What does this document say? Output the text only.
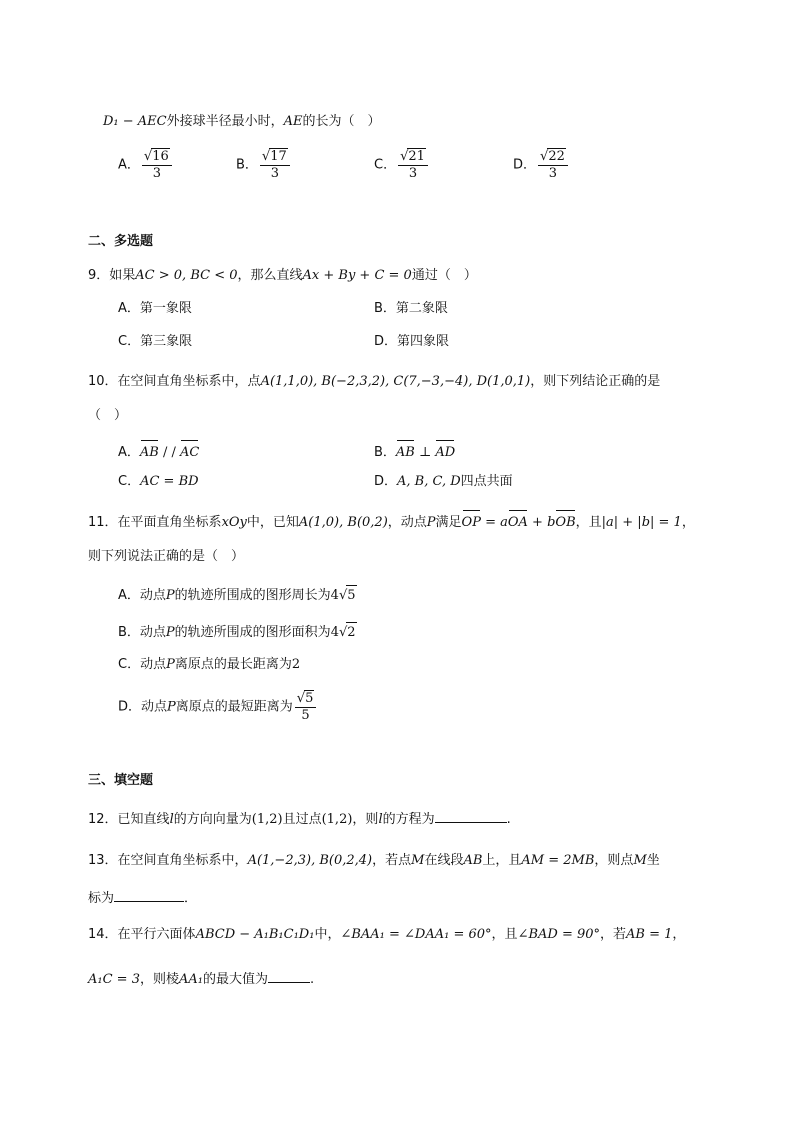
D₁ − AEC外接球半径最小时，AE的长为（　）
A． $\frac{√16}{3}$	B． $\frac{√17}{3}$	C． $\frac{√21}{3}$	D． $\frac{√22}{3}$
二、多选题
9．如果AC > 0, BC < 0，那么直线Ax + By + C = 0通过（　）
A．第一象限	B．第二象限
C．第三象限	D．第四象限
10．在空间直角坐标系中，点A(1,1,0), B(−2,3,2), C(7,−3,−4), D(1,0,1)，则下列结论正确的是
（　）
A．AB / / AC	B．AB ⊥ AD
C．AC = BD	D．A, B, C, D四点共面
11．在平面直角坐标系xOy中，已知A(1,0), B(0,2)，动点P满足OP = aOA + bOB，且|a| + |b| = 1，
则下列说法正确的是（　）
A．动点P的轨迹所围成的图形周长为4√5
B．动点P的轨迹所围成的图形面积为4√2
C．动点P离原点的最长距离为2
D．动点P离原点的最短距离为 $\frac{√5}{5}$
三、填空题
12．已知直线l的方向向量为(1,2)且过点(1,2)，则l的方程为	.
13．在空间直角坐标系中，A(1,−2,3), B(0,2,4)，若点M在线段AB上，且AM = 2MB，则点M坐
标为	．
14．在平行六面体ABCD − A₁B₁C₁D₁中，∠BAA₁ = ∠DAA₁ = 60°，且∠BAD = 90°，若AB = 1，
A₁C = 3，则棱AA₁的最大值为	.
